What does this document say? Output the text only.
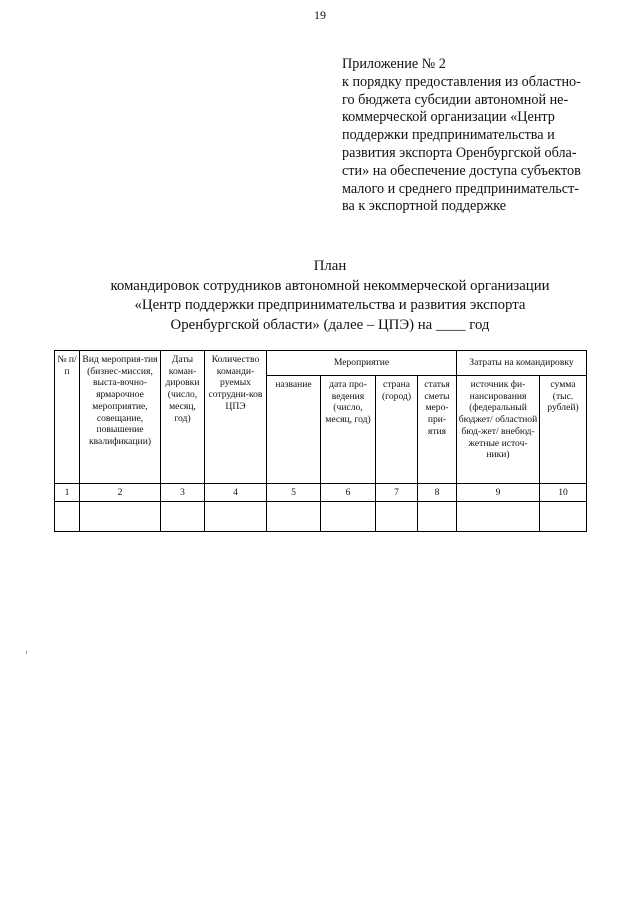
19
Приложение № 2
к порядку предоставления из областно-
го бюджета субсидии автономной не-
коммерческой организации «Центр
поддержки предпринимательства и
развития экспорта Оренбургской обла-
сти» на обеспечение доступа субъектов
малого и среднего предпринимательст-
ва к экспортной поддержке
План
командировок сотрудников автономной некоммерческой организации
«Центр поддержки предпринимательства и развития экспорта
Оренбургской области» (далее – ЦПЭ) на ____ год
№ п/п	Вид мероприя-тия (бизнес-миссия, выста-вочно-ярмарочное мероприятие, совещание, повышение квалификации)	Даты коман-дировки (число, месяц, год)	Количество команди-руемых сотрудни-ков ЦПЭ	Мероприятие				Затраты на командировку	
				название	дата про-ведения (число, месяц, год)	страна (город)	статья сметы меро-при-ятия	источник фи-нансирования (федеральный бюджет/ областной бюд-жет/ внебюд-жетные источ-ники)	сумма (тыс. рублей)
1	2	3	4	5	6	7	8	9	10
